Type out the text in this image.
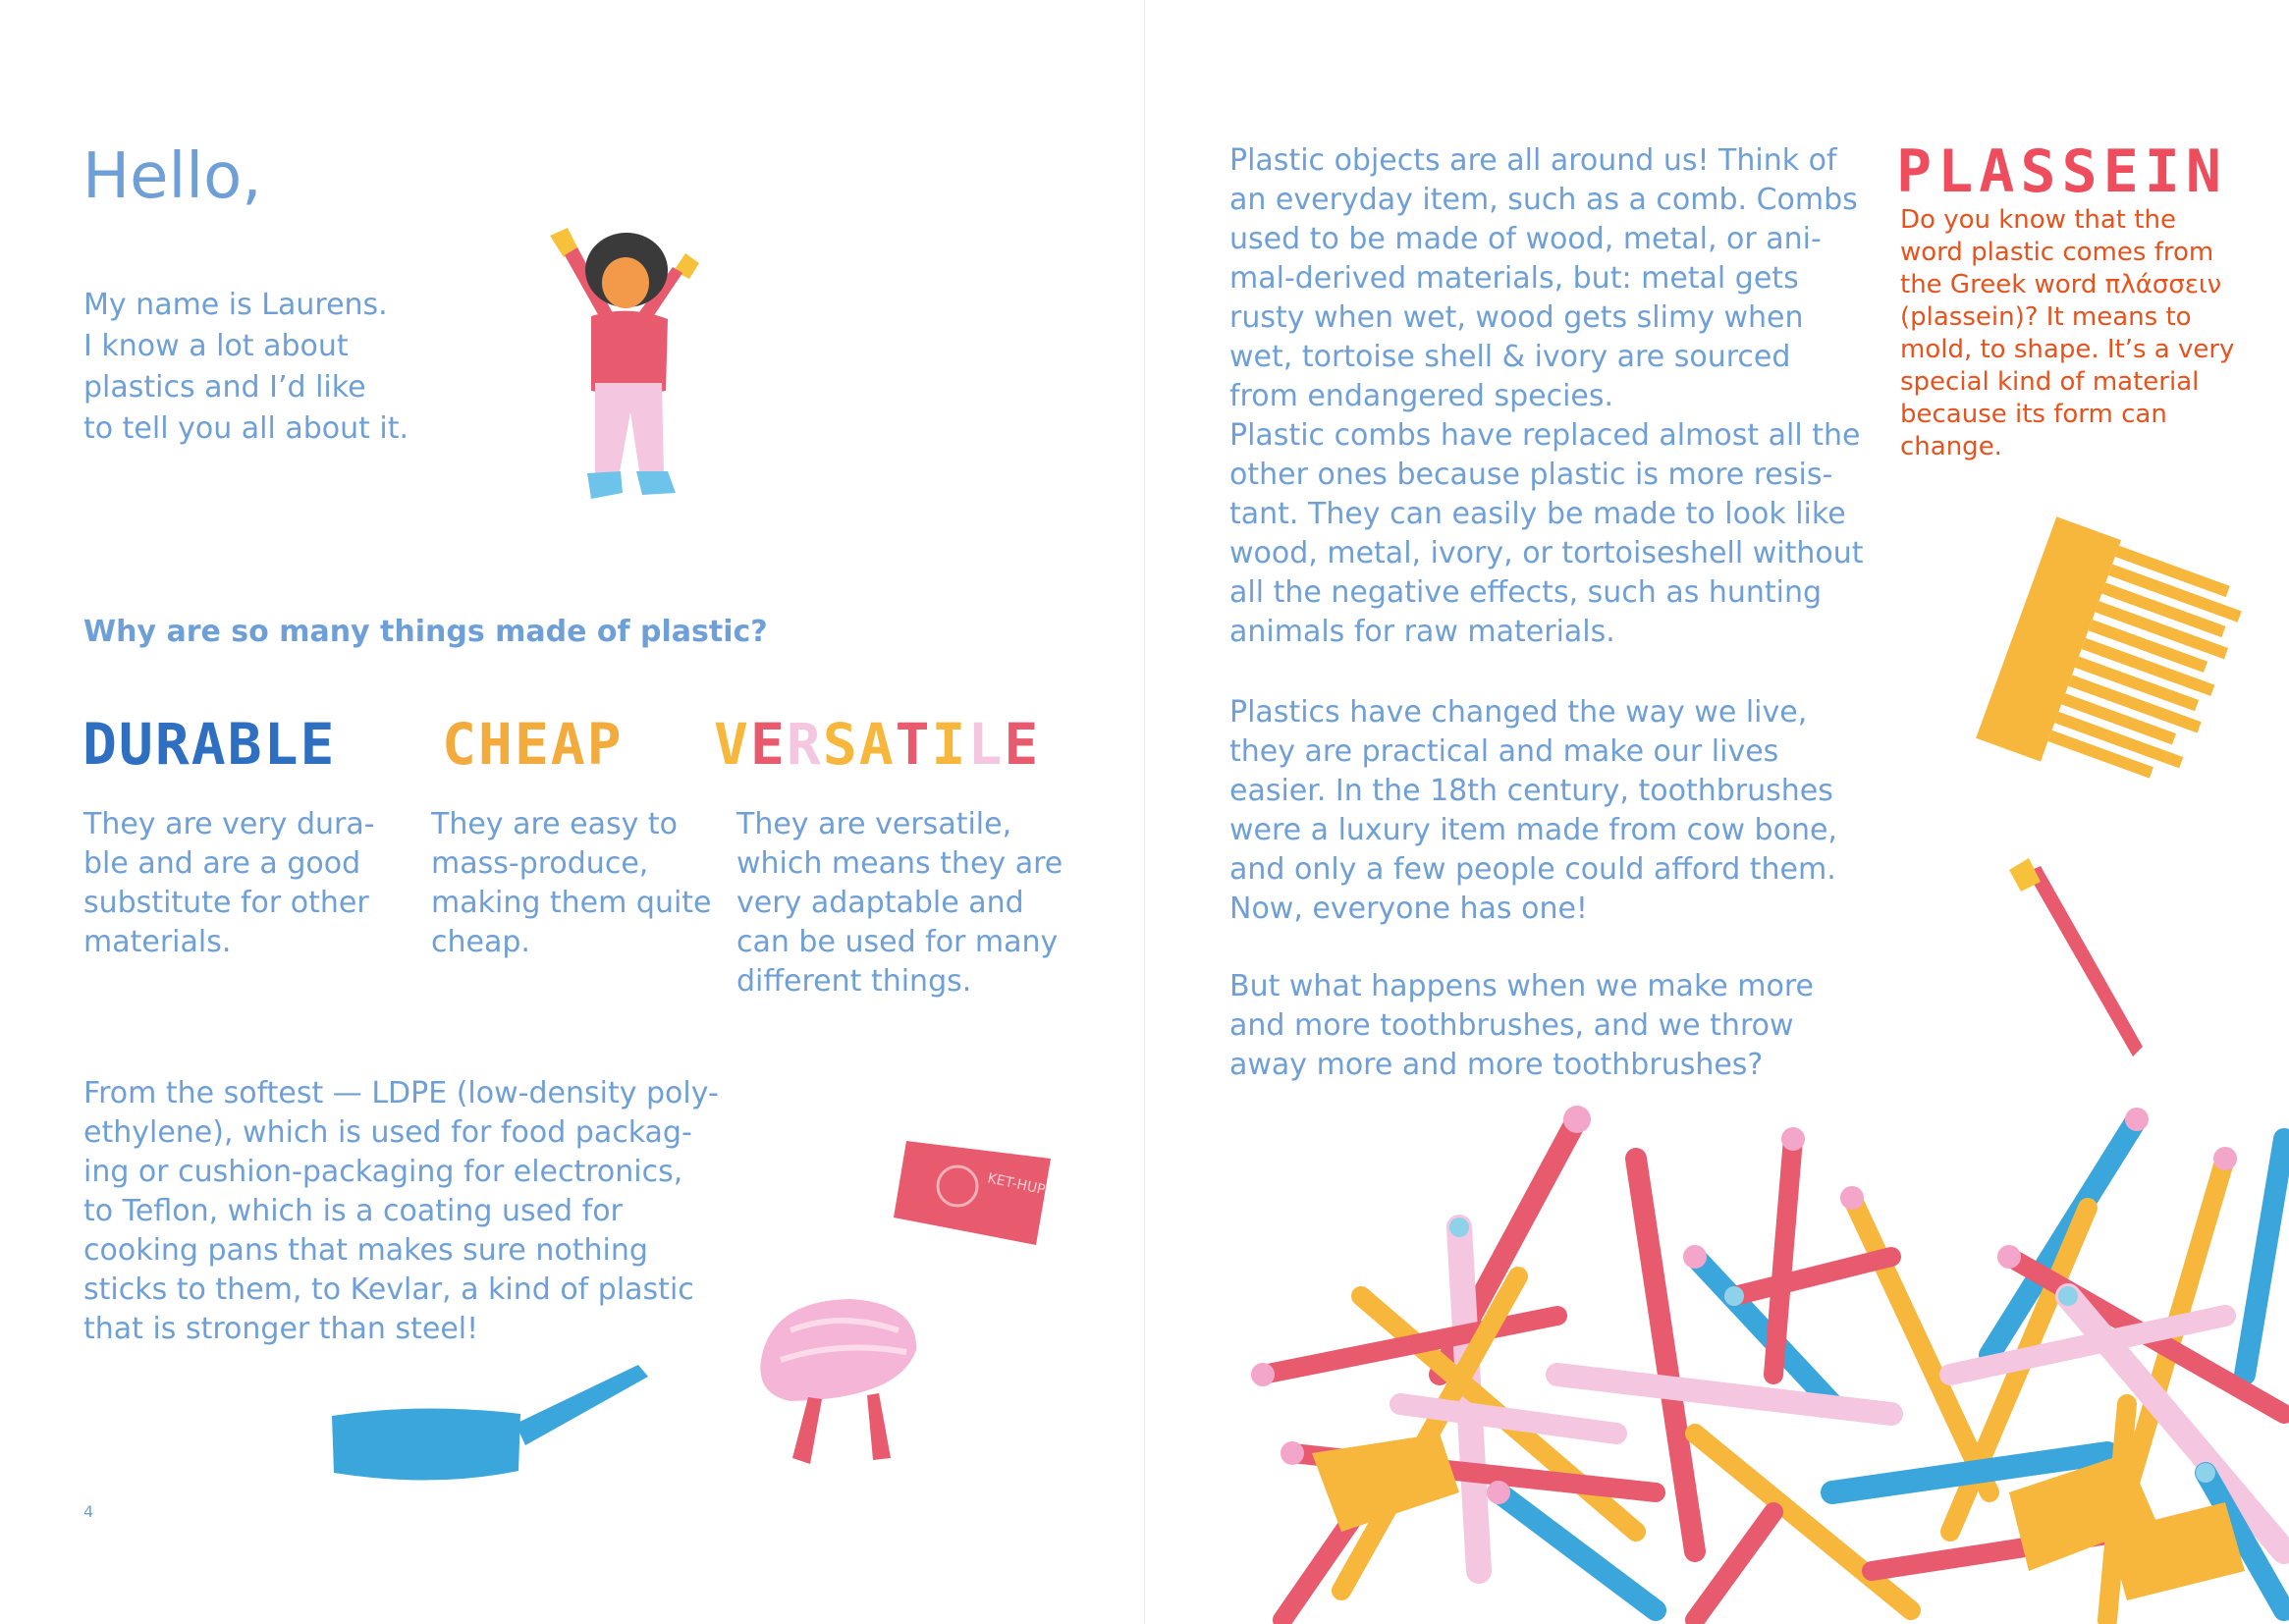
Hello,
My name is Laurens.
I know a lot about
plastics and I’d like
to tell you all about it.
Why are so many things made of plastic?
DURABLE CHEAP VERSATILE
They are very dura-
ble and are a good
substitute for other
materials.
They are easy to
mass-produce,
making them quite
cheap.
They are versatile,
which means they are
very adaptable and
can be used for many
different things.
From the softest — LDPE (low-density poly-
ethylene), which is used for food packag-
ing or cushion-packaging for electronics,
to Teflon, which is a coating used for
cooking pans that makes sure nothing
sticks to them, to Kevlar, a kind of plastic
that is stronger than steel!
KET-HUP
4
Plastic objects are all around us! Think of
an everyday item, such as a comb. Combs
used to be made of wood, metal, or ani-
mal-derived materials, but: metal gets
rusty when wet, wood gets slimy when
wet, tortoise shell & ivory are sourced
from endangered species.
Plastic combs have replaced almost all the
other ones because plastic is more resis-
tant. They can easily be made to look like
wood, metal, ivory, or tortoiseshell without
all the negative effects, such as hunting
animals for raw materials.
Plastics have changed the way we live,
they are practical and make our lives
easier. In the 18th century, toothbrushes
were a luxury item made from cow bone,
and only a few people could afford them.
Now, everyone has one!
But what happens when we make more
and more toothbrushes, and we throw
away more and more toothbrushes?
PLASSEIN
Do you know that the
word plastic comes from
the Greek word πλάσσειν
(plassein)? It means to
mold, to shape. It’s a very
special kind of material
because its form can
change.
